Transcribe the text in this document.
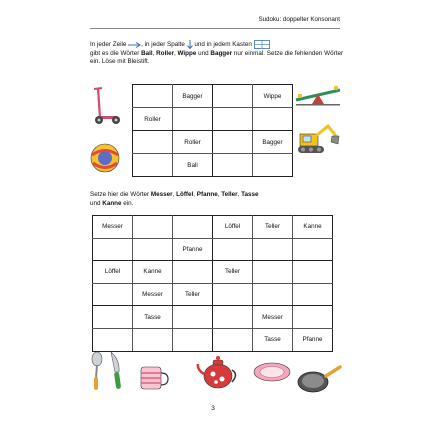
Sudoku: doppelter Konsonant
In jeder Zeile , in jeder Spalte  und in jedem Kasten
gibt es die Wörter Ball, Roller, Wippe und Bagger nur einmal. Setze die fehlenden Wörter ein. Löse mit Bleistift.
	Bagger		Wippe
Roller			
	Roller		Bagger
	Ball		
Setze hier die Wörter Messer, Löffel, Pfanne, Teller, Tasse
und Kanne ein.
Messer			Löffel	Teller	Kanne
		Pfanne			
Löffel	Kanne		Teller		
	Messer	Teller			
	Tasse			Messer	
				Tasse	Pfanne
3
